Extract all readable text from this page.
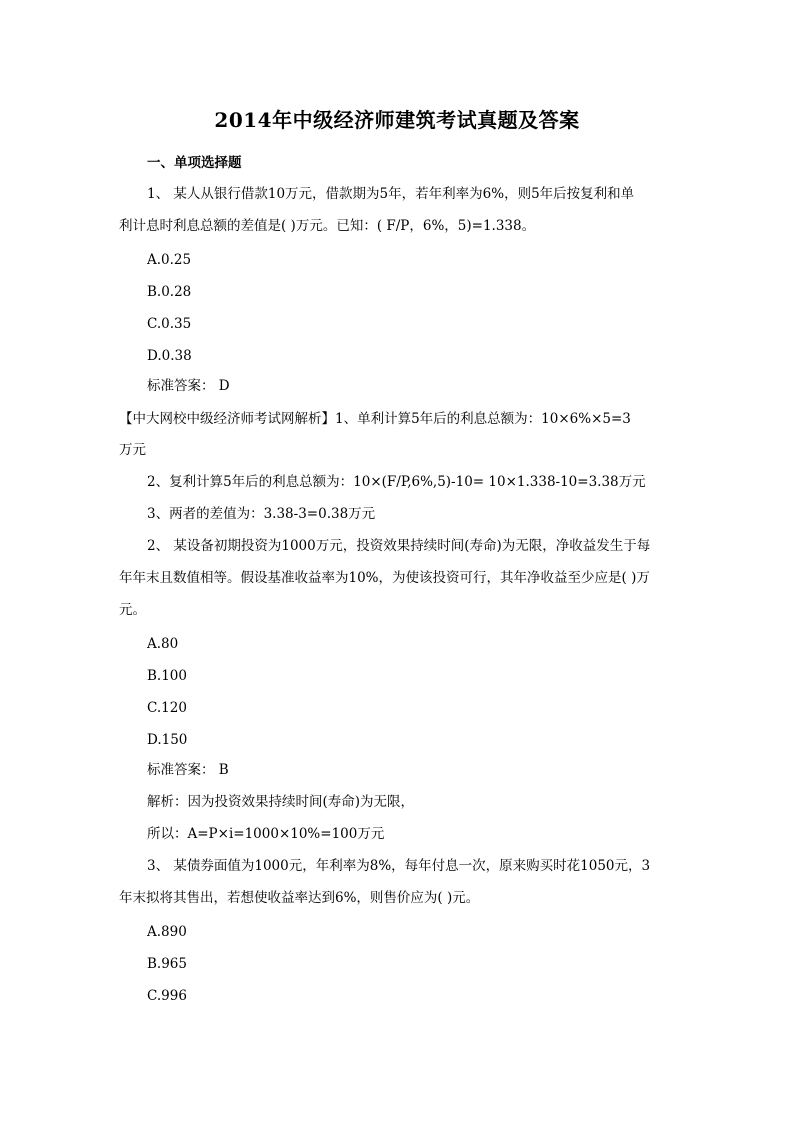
2014年中级经济师建筑考试真题及答案
一、单项选择题
1、 某人从银行借款10万元，借款期为5年，若年利率为6%，则5年后按复利和单
利计息时利息总额的差值是( )万元。已知：( F/P，6%，5)=1.338。
A.0.25
B.0.28
C.0.35
D.0.38
标准答案： D
【中大网校中级经济师考试网解析】1、单利计算5年后的利息总额为：10×6%×5=3
万元
2、复利计算5年后的利息总额为：10×(F/P,6%,5)-10= 10×1.338-10=3.38万元
3、两者的差值为：3.38-3=0.38万元
2、 某设备初期投资为1000万元，投资效果持续时间(寿命)为无限，净收益发生于每
年年末且数值相等。假设基准收益率为10%，为使该投资可行，其年净收益至少应是( )万
元。
A.80
B.100
C.120
D.150
标准答案： B
解析：因为投资效果持续时间(寿命)为无限，
所以：A=P×i=1000×10%=100万元
3、 某债券面值为1000元，年利率为8%，每年付息一次，原来购买时花1050元，3
年末拟将其售出，若想使收益率达到6%，则售价应为( )元。
A.890
B.965
C.996
